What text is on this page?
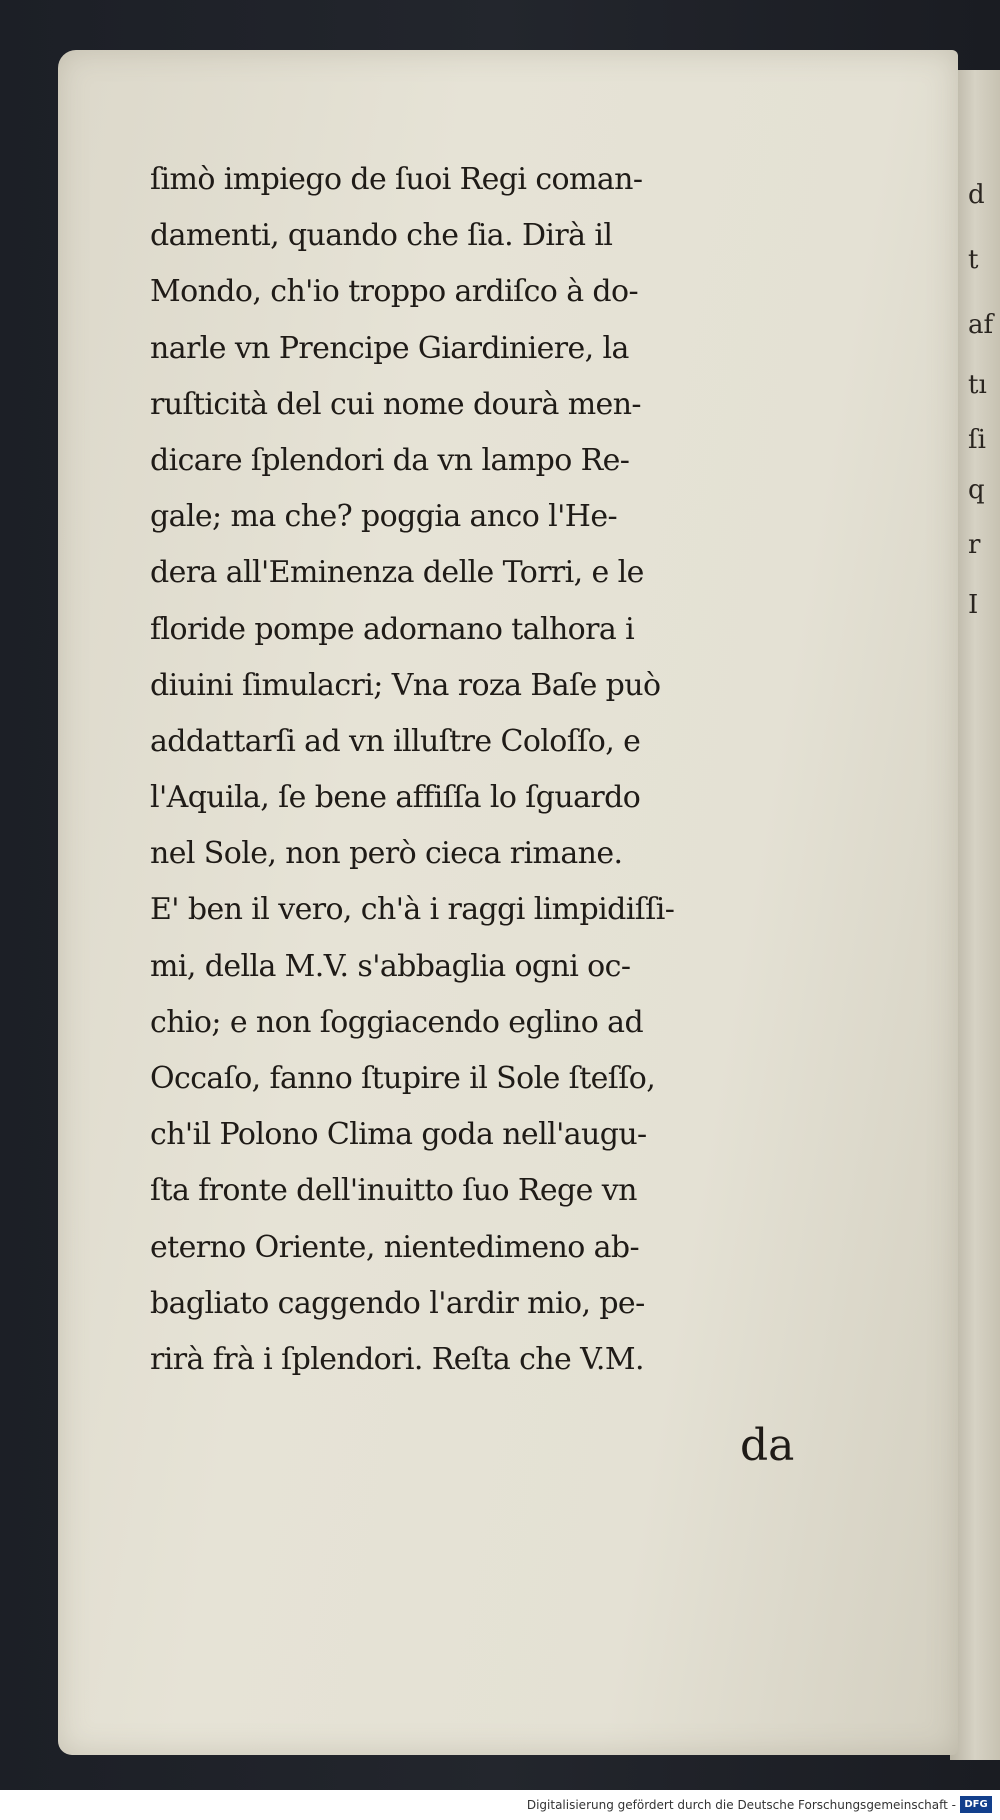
d
t
af
tı
ſi
q
r
I
ſimò impiego de ſuoi Regi coman-
damenti, quando che ſia. Dirà il
Mondo, ch'io troppo ardiſco à do-
narle vn Prencipe Giardiniere, la
ruſticità del cui nome dourà men-
dicare ſplendori da vn lampo Re-
gale; ma che? poggia anco l'He-
dera all'Eminenza delle Torri, e le
floride pompe adornano talhora i
diuini ſimulacri; Vna roza Baſe può
addattarſi ad vn illuſtre Coloſſo, e
l'Aquila, ſe bene affiſſa lo ſguardo
nel Sole, non però cieca rimane.
E' ben il vero, ch'à i raggi limpidiſſi-
mi, della M.V. s'abbaglia ogni oc-
chio; e non ſoggiacendo eglino ad
Occaſo, fanno ſtupire il Sole ſteſſo,
ch'il Polono Clima goda nell'augu-
ſta fronte dell'inuitto ſuo Rege vn
eterno Oriente, nientedimeno ab-
bagliato caggendo l'ardir mio, pe-
rirà frà i ſplendori. Reſta che V.M.
da
Digitalisierung gefördert durch die Deutsche Forschungsgemeinschaft - DFG
